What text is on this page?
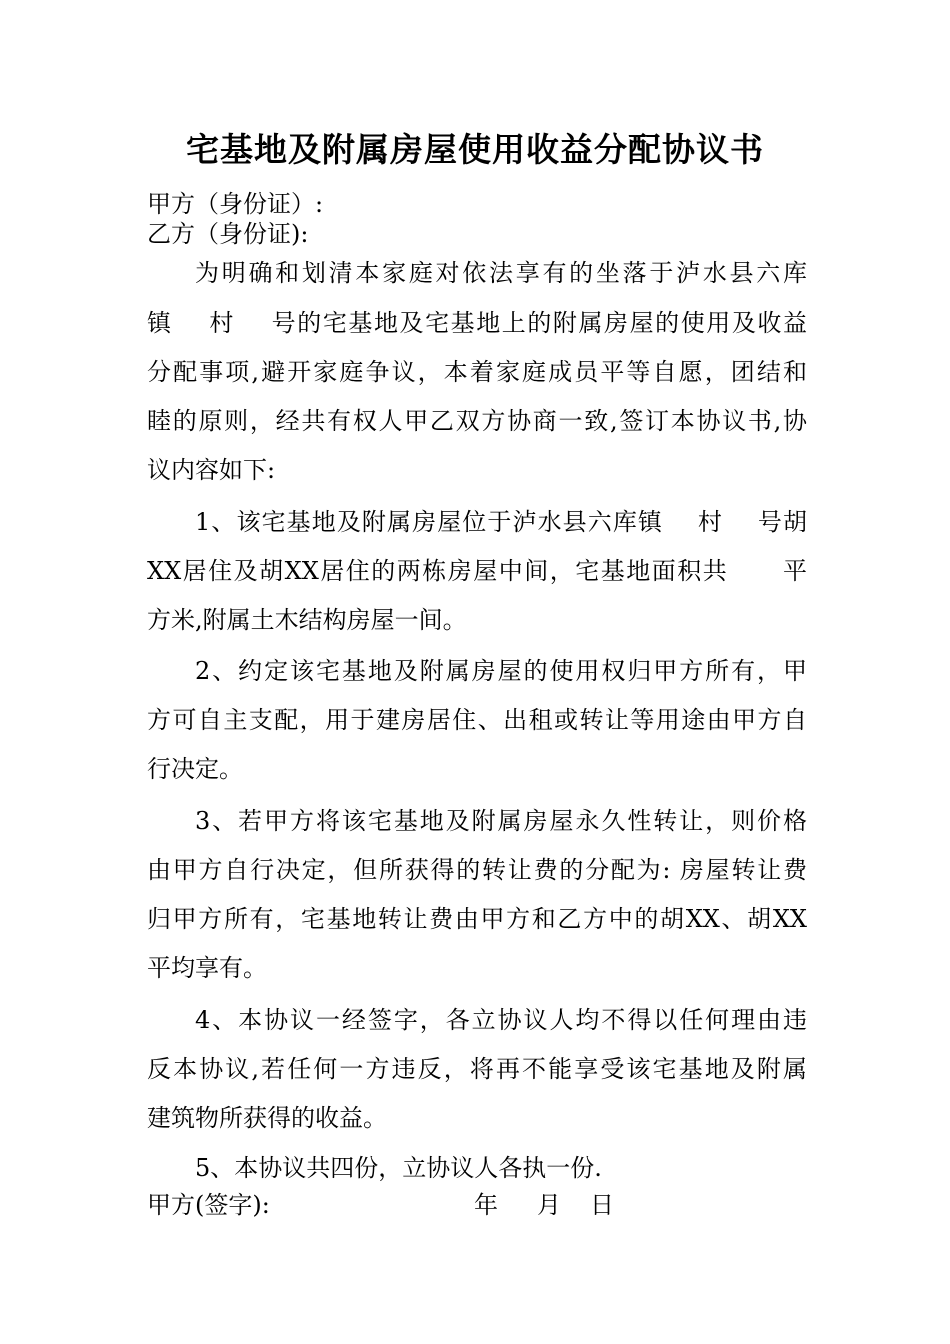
宅基地及附属房屋使用收益分配协议书
甲方（身份证）:
乙方（身份证):
为明确和划清本家庭对依法享有的坐落于泸水县六库
镇    村    号的宅基地及宅基地上的附属房屋的使用及收益
分配事项,避开家庭争议，本着家庭成员平等自愿，团结和
睦的原则，经共有权人甲乙双方协商一致,签订本协议书,协
议内容如下:
1、该宅基地及附属房屋位于泸水县六库镇    村    号胡
XX居住及胡XX居住的两栋房屋中间，宅基地面积共      平
方米,附属土木结构房屋一间。
2、约定该宅基地及附属房屋的使用权归甲方所有，甲
方可自主支配，用于建房居住、出租或转让等用途由甲方自
行决定。
3、若甲方将该宅基地及附属房屋永久性转让，则价格
由甲方自行决定，但所获得的转让费的分配为: 房屋转让费
归甲方所有，宅基地转让费由甲方和乙方中的胡XX、胡XX
平均享有。
4、本协议一经签字，各立协议人均不得以任何理由违
反本协议,若任何一方违反，将再不能享受该宅基地及附属
建筑物所获得的收益。
5、本协议共四份，立协议人各执一份.
甲方(签字):	年 月 日
